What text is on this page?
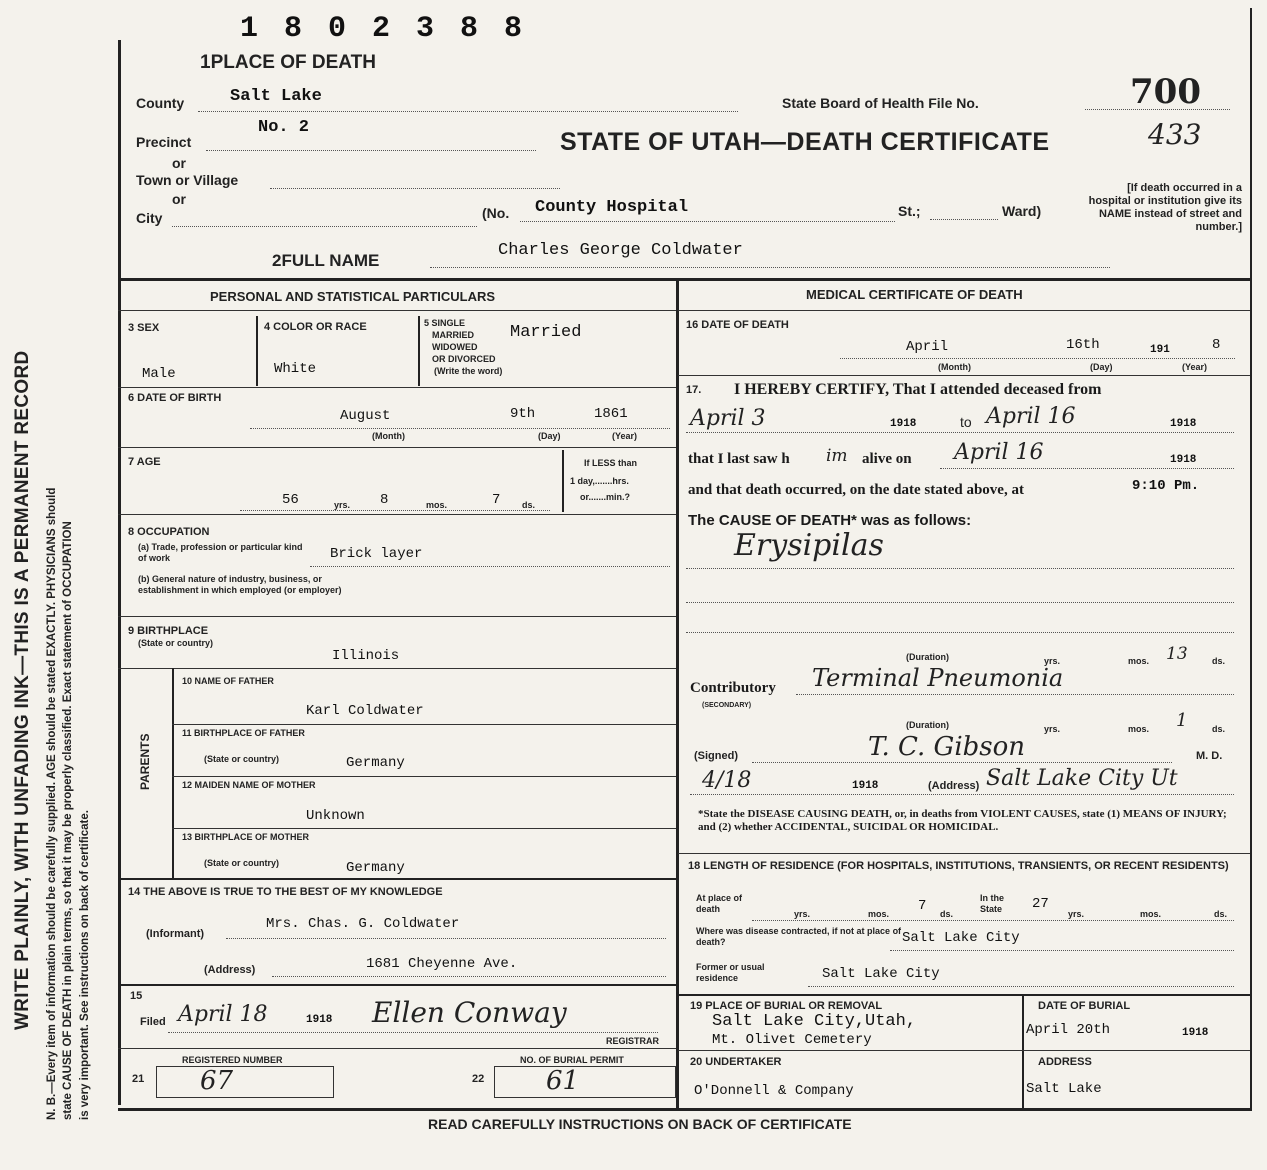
WRITE PLAINLY, WITH UNFADING INK—THIS IS A PERMANENT RECORD N. B.—Every item of information should be carefully supplied. AGE should be stated EXACTLY. PHYSICIANS should state CAUSE OF DEATH in plain terms, so that it may be properly classified. Exact statement of OCCUPATION is very important. See instructions on back of certificate.
1 8 0 2 3 8 8
1PLACE OF DEATH
County	Salt Lake
Precinct
No. 2
or
Town or Village
or
City	(No. County Hospital	St.;	Ward)
[If death occurred in a hospital or institution give its NAME instead of street and number.]
State Board of Health File No.	700
STATE OF UTAH—DEATH CERTIFICATE	433
2FULL NAME
Charles George Coldwater
PERSONAL AND STATISTICAL PARTICULARS	MEDICAL CERTIFICATE OF DEATH
3 SEX
Male
4 COLOR OR RACE
White
5 SINGLE
MARRIED
WIDOWED
OR DIVORCED
(Write the word)
Married
6 DATE OF BIRTH
August	9th	1861
(Month)	(Day)	(Year)
7 AGE
56	yrs. 8	mos.	7 ds.
If LESS than
1 day,.......hrs.
or.......min.?
8 OCCUPATION
(a) Trade, profession or particular kind of work	Brick layer
(b) General nature of industry, business, or establishment in which employed (or employer)
9 BIRTHPLACE
(State or country)
Illinois
PARENTS
10 NAME OF FATHER
Karl Coldwater
11 BIRTHPLACE OF FATHER
(State or country)	Germany
12 MAIDEN NAME OF MOTHER
Unknown
13 BIRTHPLACE OF MOTHER
(State or country)	Germany
14 THE ABOVE IS TRUE TO THE BEST OF MY KNOWLEDGE
(Informant)
Mrs. Chas. G. Coldwater
(Address)	1681 Cheyenne Ave.
15
Filed April 18	1918 Ellen Conway
REGISTRAR
REGISTERED NUMBER
21 67
NO. OF BURIAL PERMIT
22 61
16 DATE OF DEATH
April	16th	191	8
(Month)	(Day)	(Year)
17. I HEREBY CERTIFY, That I attended deceased from
April 3	1918	to April 16	1918
that I last saw h im alive on April 16	1918
and that death occurred, on the date stated above, at	9:10 Pm.
The CAUSE OF DEATH* was as follows:
Erysipilas
(Duration)	yrs.	mos. 13	ds.
Contributory
(SECONDARY)
Terminal Pneumonia
(Duration)	yrs.	mos. 1	ds.
(Signed)	T. C. Gibson	M. D.
4/18	1918	(Address) Salt Lake City Ut
*State the DISEASE CAUSING DEATH, or, in deaths from VIOLENT CAUSES, state (1) MEANS OF INJURY; and (2) whether ACCIDENTAL, SUICIDAL OR HOMICIDAL.
18 LENGTH OF RESIDENCE (FOR HOSPITALS, INSTITUTIONS, TRANSIENTS, OR RECENT RESIDENTS)
At place of death	yrs.	mos. 7 ds.
In the State	27
yrs.	mos.	ds.
Where was disease contracted, if not at place of death?	Salt Lake City
Former or usual residence	Salt Lake City
19 PLACE OF BURIAL OR REMOVAL
Salt Lake City,Utah,
Mt. Olivet Cemetery
DATE OF BURIAL
April 20th	1918
20 UNDERTAKER
O'Donnell & Company
ADDRESS
Salt Lake
READ CAREFULLY INSTRUCTIONS ON BACK OF CERTIFICATE
